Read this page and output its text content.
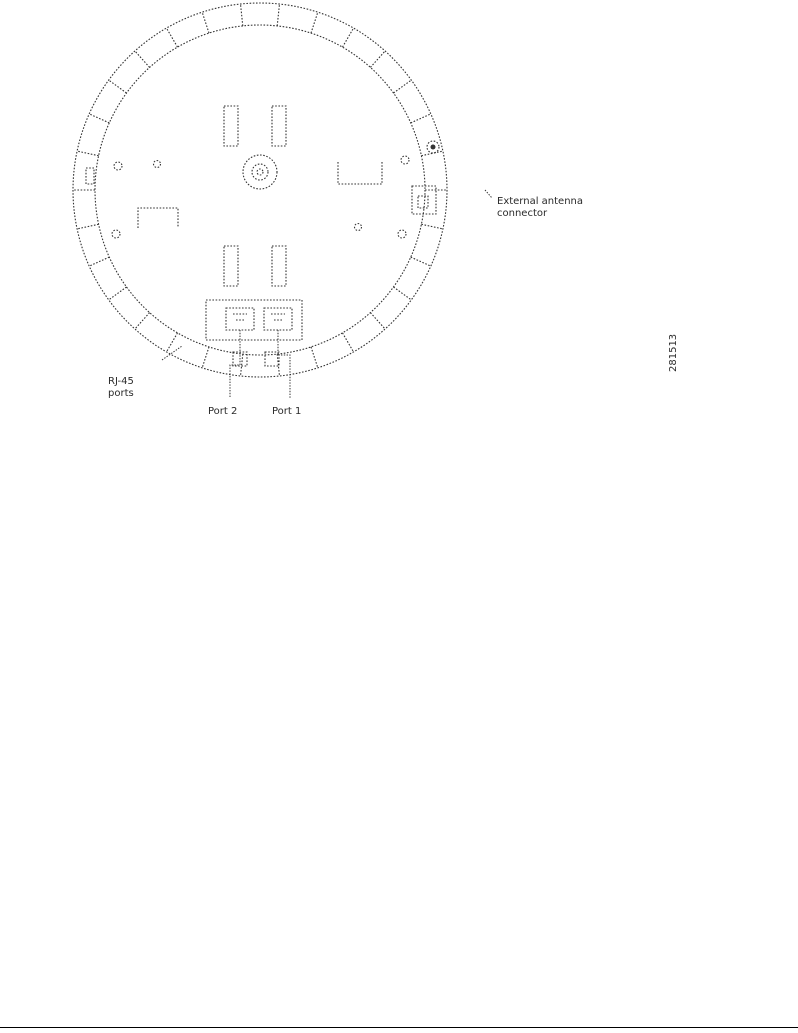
External antenna connector
RJ-45 ports
Port 2	Port 1
281513
